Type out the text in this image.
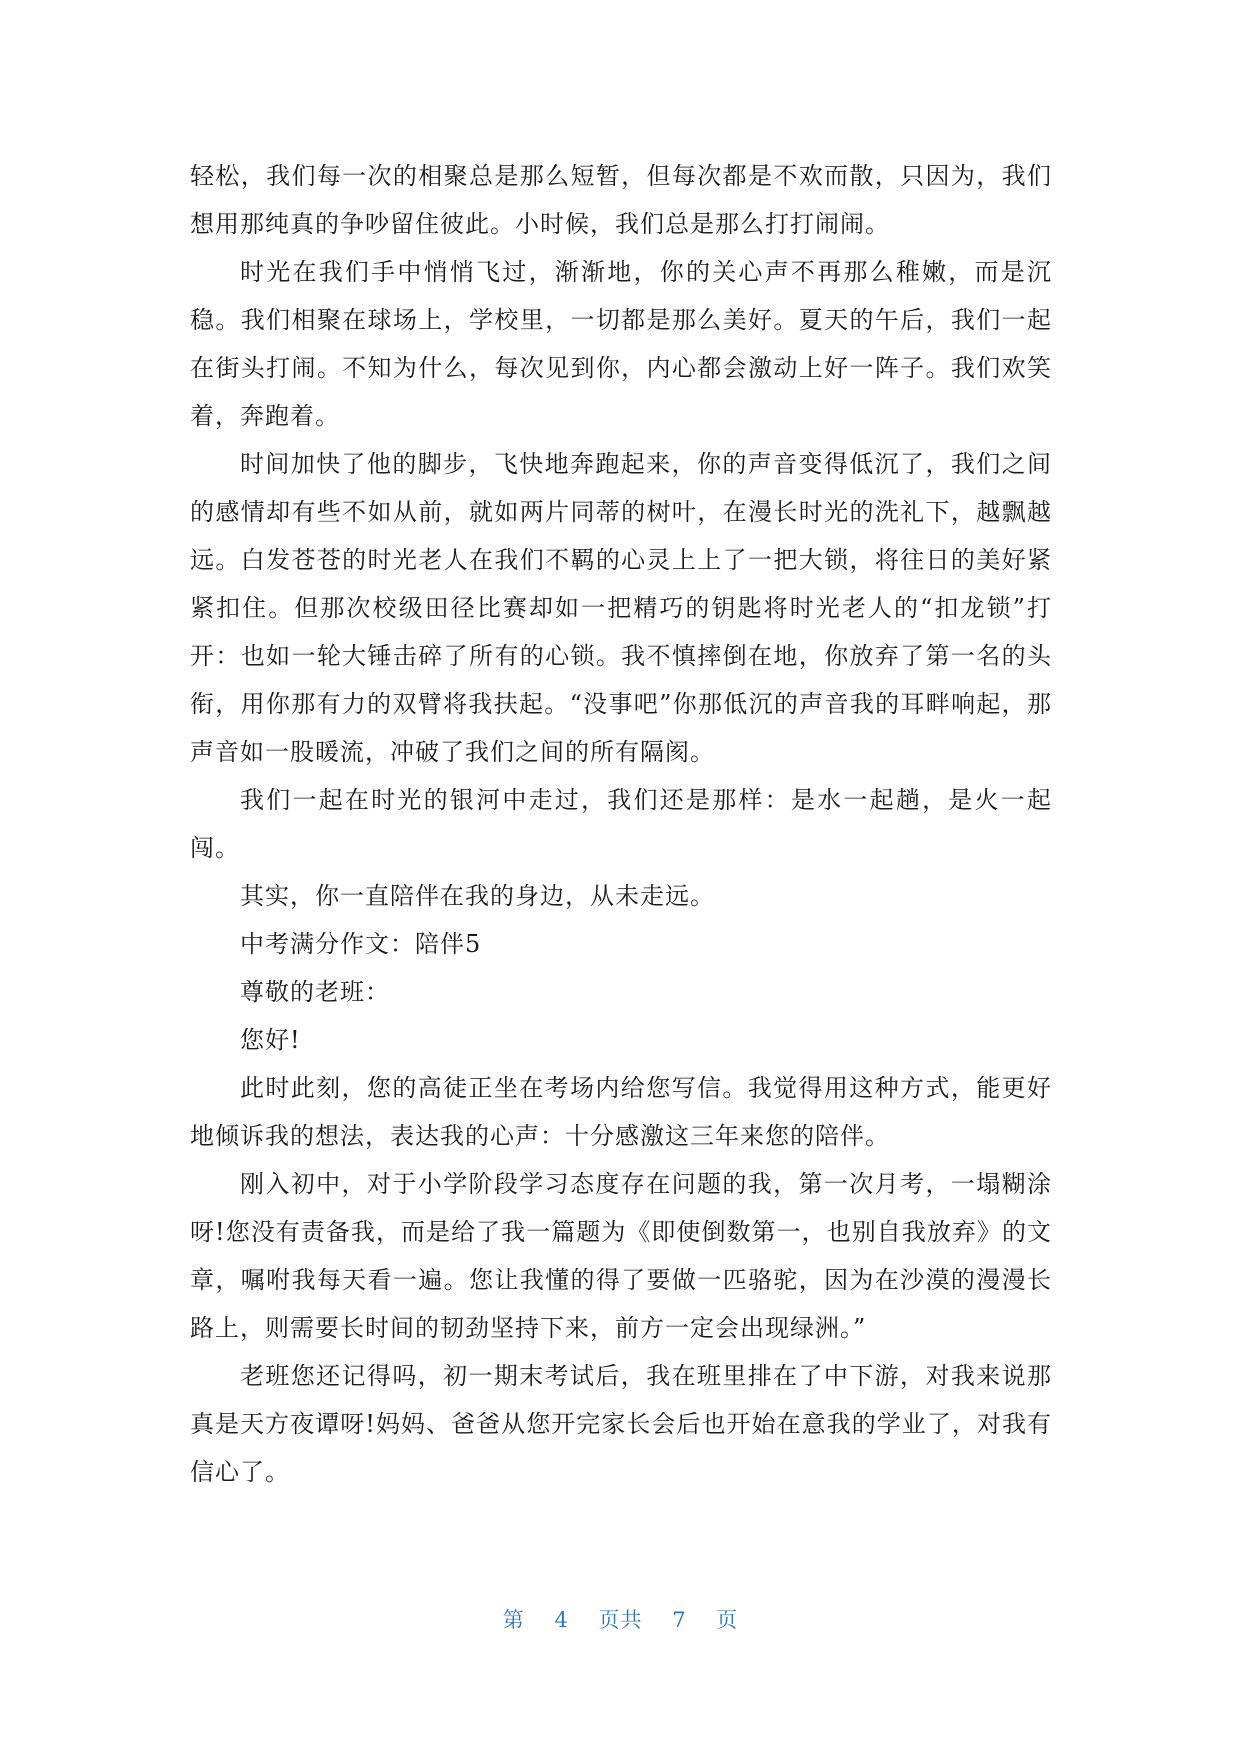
轻松，我们每一次的相聚总是那么短暂，但每次都是不欢而散，只因为，我们想用那纯真的争吵留住彼此。小时候，我们总是那么打打闹闹。

时光在我们手中悄悄飞过，渐渐地，你的关心声不再那么稚嫩，而是沉稳。我们相聚在球场上，学校里，一切都是那么美好。夏天的午后，我们一起在街头打闹。不知为什么，每次见到你，内心都会激动上好一阵子。我们欢笑着，奔跑着。

时间加快了他的脚步，飞快地奔跑起来，你的声音变得低沉了，我们之间的感情却有些不如从前，就如两片同蒂的树叶，在漫长时光的洗礼下，越飘越远。白发苍苍的时光老人在我们不羁的心灵上上了一把大锁，将往日的美好紧紧扣住。但那次校级田径比赛却如一把精巧的钥匙将时光老人的“扣龙锁”打开：也如一轮大锤击碎了所有的心锁。我不慎摔倒在地，你放弃了第一名的头衔，用你那有力的双臂将我扶起。“没事吧”你那低沉的声音我的耳畔响起，那声音如一股暖流，冲破了我们之间的所有隔阂。

我们一起在时光的银河中走过，我们还是那样：是水一起趟，是火一起闯。

其实，你一直陪伴在我的身边，从未走远。

中考满分作文：陪伴5

尊敬的老班：

您好!

此时此刻，您的高徒正坐在考场内给您写信。我觉得用这种方式，能更好地倾诉我的想法，表达我的心声：十分感激这三年来您的陪伴。

刚入初中，对于小学阶段学习态度存在问题的我，第一次月考，一塌糊涂呀!您没有责备我，而是给了我一篇题为《即使倒数第一，也别自我放弃》的文章，嘱咐我每天看一遍。您让我懂的得了要做一匹骆驼，因为在沙漠的漫漫长路上，则需要长时间的韧劲坚持下来，前方一定会出现绿洲。”

老班您还记得吗，初一期末考试后，我在班里排在了中下游，对我来说那真是天方夜谭呀!妈妈、爸爸从您开完家长会后也开始在意我的学业了，对我有信心了。

第 4 页共 7 页
